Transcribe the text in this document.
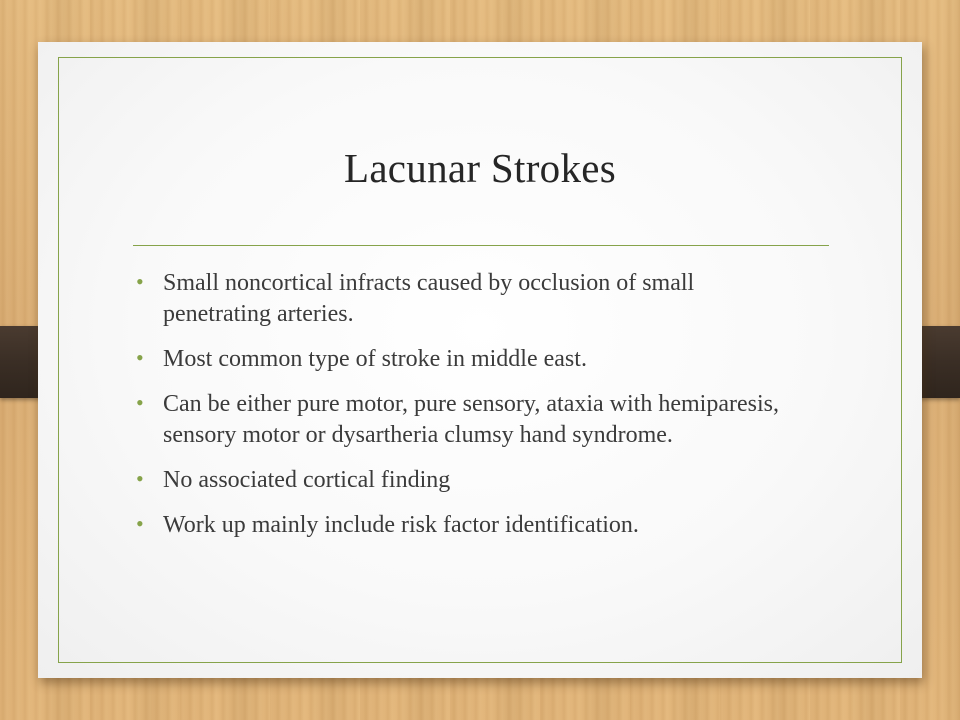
Lacunar Strokes
• Small noncortical infracts caused by occlusion of small penetrating arteries.
• Most common type of stroke in middle east.
• Can be either pure motor, pure sensory, ataxia with hemiparesis, sensory motor or dysartheria clumsy hand syndrome.
• No associated cortical finding
• Work up mainly include risk factor identification.
